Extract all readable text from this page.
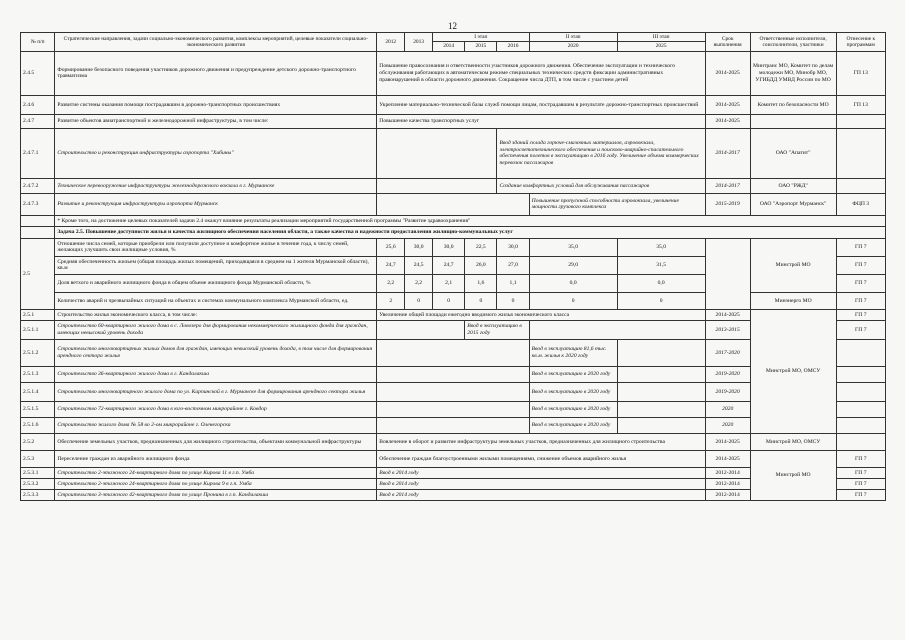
12
№ п/п	Стратегические направления, задачи социально-экономического развития, комплексы мероприятий, целевые показатели социально-экономического развития	2012	2013	I этап			II этап	III этап	Срок выполнения	Ответственные исполнители, соисполнители, участники	Отнесение к программам
				2014	2015	2016	2020	2025			
2.4.5	Формирование безопасного поведения участников дорожного движения и предупреждение детского дорожно-транспортного травматизма	Повышение правосознания и ответственности участников дорожного движения. Обеспечение эксплуатации и технического обслуживания работающих в автоматическом режиме специальных технических средств фиксации административных правонарушений в области дорожного движения. Сокращение числа ДТП, в том числе с участием детей							2014-2025	Минтранс МО, Комитет по делам молодежи МО, Минобр МО, УГИБДД УМВД России по МО	ГП 13
2.4.6	Развитие системы оказания помощи пострадавшим в дорожно-транспортных происшествиях	Укрепление материально-технической базы служб помощи лицам, пострадавшим в результате дорожно-транспортных происшествий							2014-2025	Комитет по безопасности МО	ГП 13
2.4.7	Развитие объектов авиатранспортной и железнодорожной инфраструктуры, в том числе:	Повышение качества транспортных услуг							2014-2025		
2.4.7.1	Строительство и реконструкция инфраструктуры аэропорта "Хибины"					Ввод зданий склада горюче-смазочных материалов, аэровокзала, электросветотехнического обеспечения и поисково-аварийно-спасательного обеспечения полетов в эксплуатацию в 2016 году. Увеличение объема коммерческих перевозок пассажиров			2014-2017	ОАО "Апатит"	
2.4.7.2	Техническое перевооружение инфраструктуры железнодорожного вокзала в г. Мурманске					Создание комфортных условий для обслуживания пассажиров			2014-2017	ОАО "РЖД"	
2.4.7.3	Развитие и реконструкция инфраструктуры аэропорта Мурманск						Повышение пропускной способности аэровокзала, увеличение мощности грузового комплекса		2015-2019	ОАО "Аэропорт Мурманск"	ФЦП 3
	* Кроме того, на достижение целевых показателей задачи 2.4 окажут влияние результаты реализации мероприятий государственной программы "Развитие здравоохранения"										
	Задача 2.5. Повышение доступности жилья и качества жилищного обеспечения населения области, а также качества и надежности предоставления жилищно-коммунальных услуг										
2.5	Отношение числа семей, которые приобрели или получили доступное и комфортное жилье в течение года, к числу семей, желающих улучшить свои жилищные условия, %	25,6	30,0	30,0	22,5	30,0	35,0	35,0		Минстрой МО	ГП 7
	Средняя обеспеченность жильем (общая площадь жилых помещений, приходящаяся в среднем на 1 жителя Мурманской области), кв.м	24,7	24,5	24,7	26,0	27,0	29,0	31,5			ГП 7
	Доля ветхого и аварийного жилищного фонда в общем объеме жилищного фонда Мурманской области, %	2,2	2,2	2,1	1,6	1,1	0,0	0,0			ГП 7
	Количество аварий и чрезвычайных ситуаций на объектах и системах коммунального комплекса Мурманской области, ед.	2	0	0	0	0	0	0		Минэнерго МО	ГП 7
2.5.1	Строительство жилья экономического класса, в том числе:	Увеличение общей площади ежегодно вводимого жилья экономического класса							2014-2025	Минстрой МО, ОМСУ	ГП 7
2.5.1.1	Строительство 60-квартирного жилого дома в с. Ловозеро для формирования некоммерческого жилищного фонда для граждан, имеющих невысокий уровень дохода				Ввод в эксплуатацию в 2015 году				2013-2015		ГП 7
2.5.1.2	Строительство многоквартирных жилых домов для граждан, имеющих невысокий уровень дохода, в том числе для формирования арендного сектора жилья						Ввод в эксплуатацию 81,6 тыс. кв.м. жилья к 2020 году		2017-2020		
2.5.1.3	Строительство 36-квартирного жилого дома в г. Кандалакша						Ввод в эксплуатацию в 2020 году		2019-2020		
2.5.1.4	Строительство многоквартирного жилого дома по ул. Карпинской в г. Мурманске для формирования арендного сектора жилья						Ввод в эксплуатацию в 2020 году		2019-2020		
2.5.1.5	Строительство 72-квартирного жилого дома в юго-восточном микрорайоне г. Ковдор						Ввод в эксплуатацию в 2020 году		2020		
2.5.1.6	Строительство жилого дома № 58 во 2-ом микрорайоне г. Оленегорска						Ввод в эксплуатацию в 2020 году		2020		
2.5.2	Обеспечение земельных участков, предназначенных для жилищного строительства, объектами коммунальной инфраструктуры	Вовлечение в оборот и развитие инфраструктуры земельных участков, предназначенных для жилищного строительства							2014-2025	Минстрой МО, ОМСУ	
2.5.3	Переселение граждан из аварийного жилищного фонда	Обеспечение граждан благоустроенными жилыми помещениями, снижение объемов аварийного жилья							2014-2025	Минстрой МО	ГП 7
2.5.3.1	Строительство 2-этажного 24-квартирного дома по улице Кирова 11 в г.п. Умба	Ввод в 2014 году							2012-2014		ГП 7
2.5.3.2	Строительство 2-этажного 24-квартирного дома по улице Кирова 9 в г.п. Умба	Ввод в 2014 году							2012-2014		ГП 7
2.5.3.3	Строительство 3-этажного 42-квартирного дома по улице Пронина в г.п. Кандалакша	Ввод в 2014 году							2012-2014		ГП 7
